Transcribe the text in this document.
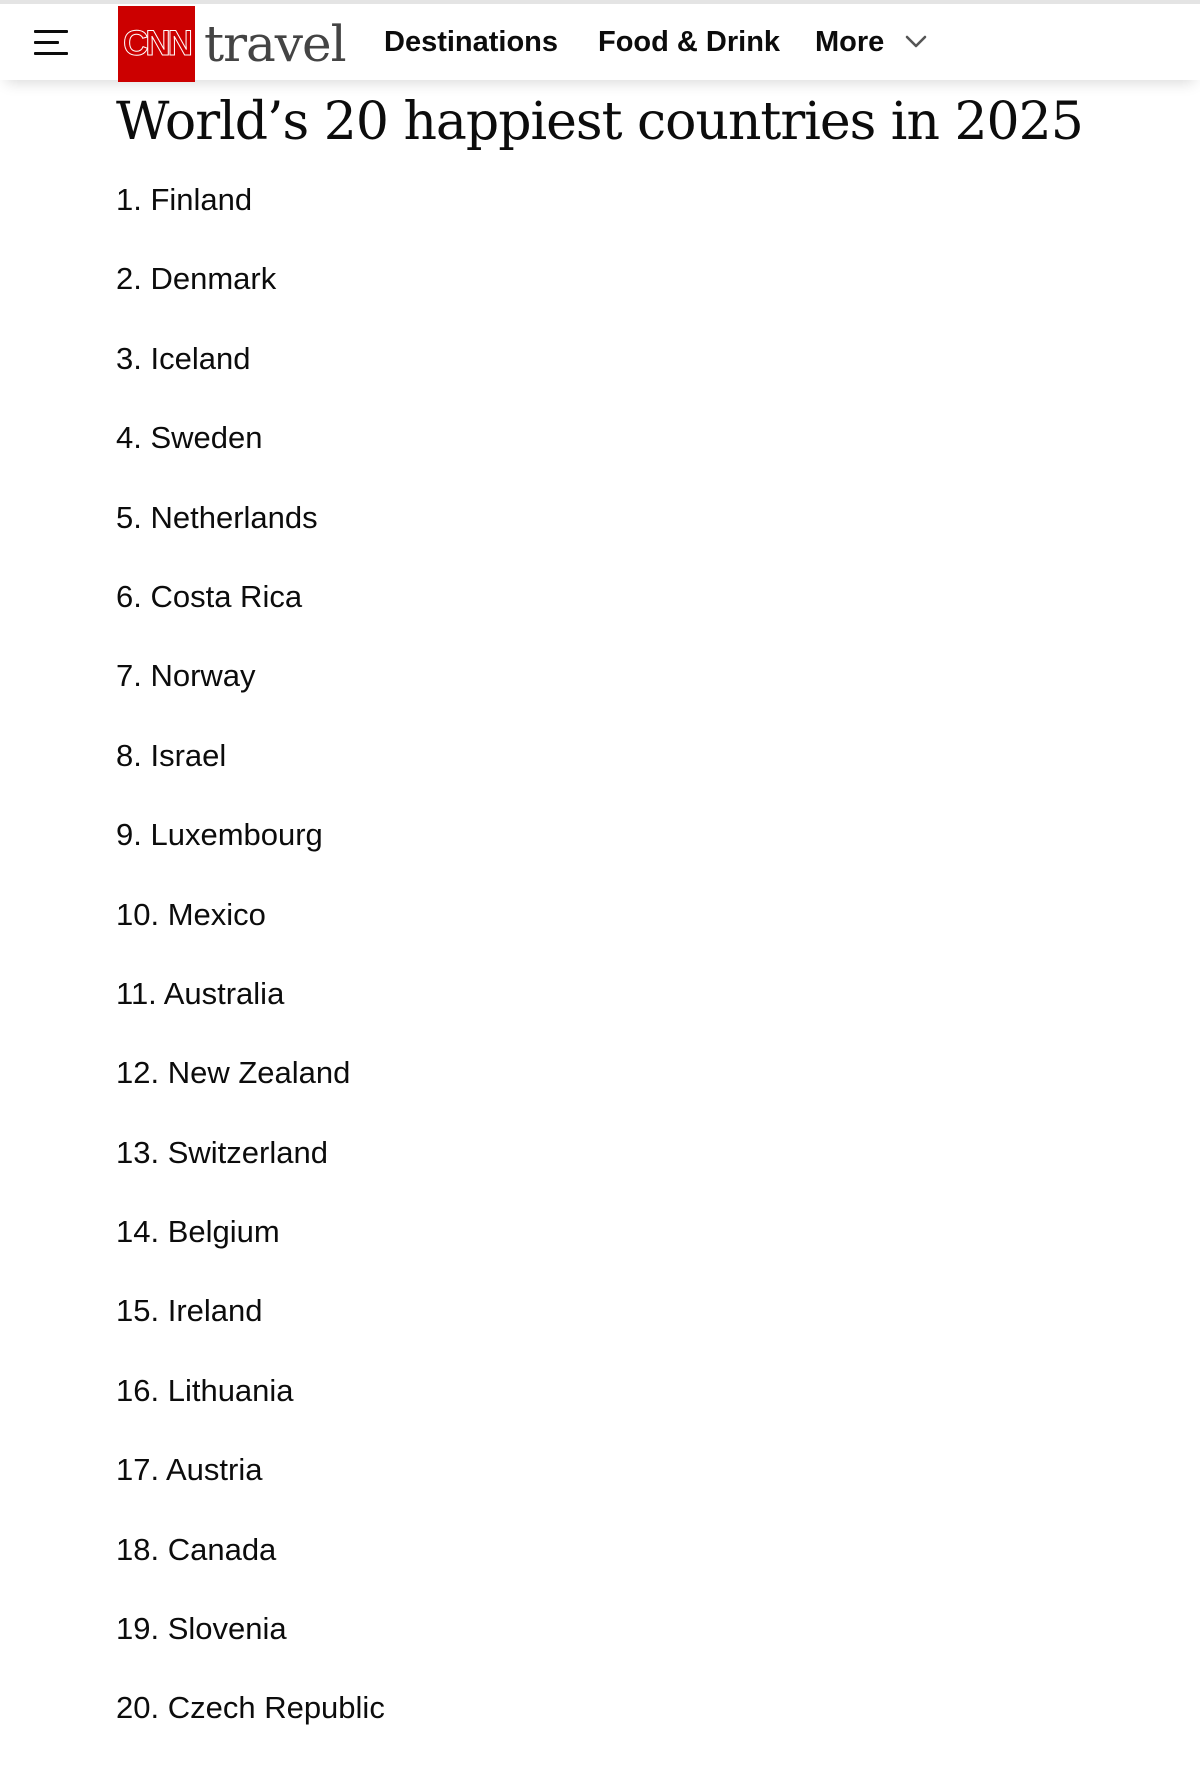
CNN travel Destinations Food & Drink More
World’s 20 happiest countries in 2025
1. Finland
2. Denmark
3. Iceland
4. Sweden
5. Netherlands
6. Costa Rica
7. Norway
8. Israel
9. Luxembourg
10. Mexico
11. Australia
12. New Zealand
13. Switzerland
14. Belgium
15. Ireland
16. Lithuania
17. Austria
18. Canada
19. Slovenia
20. Czech Republic
